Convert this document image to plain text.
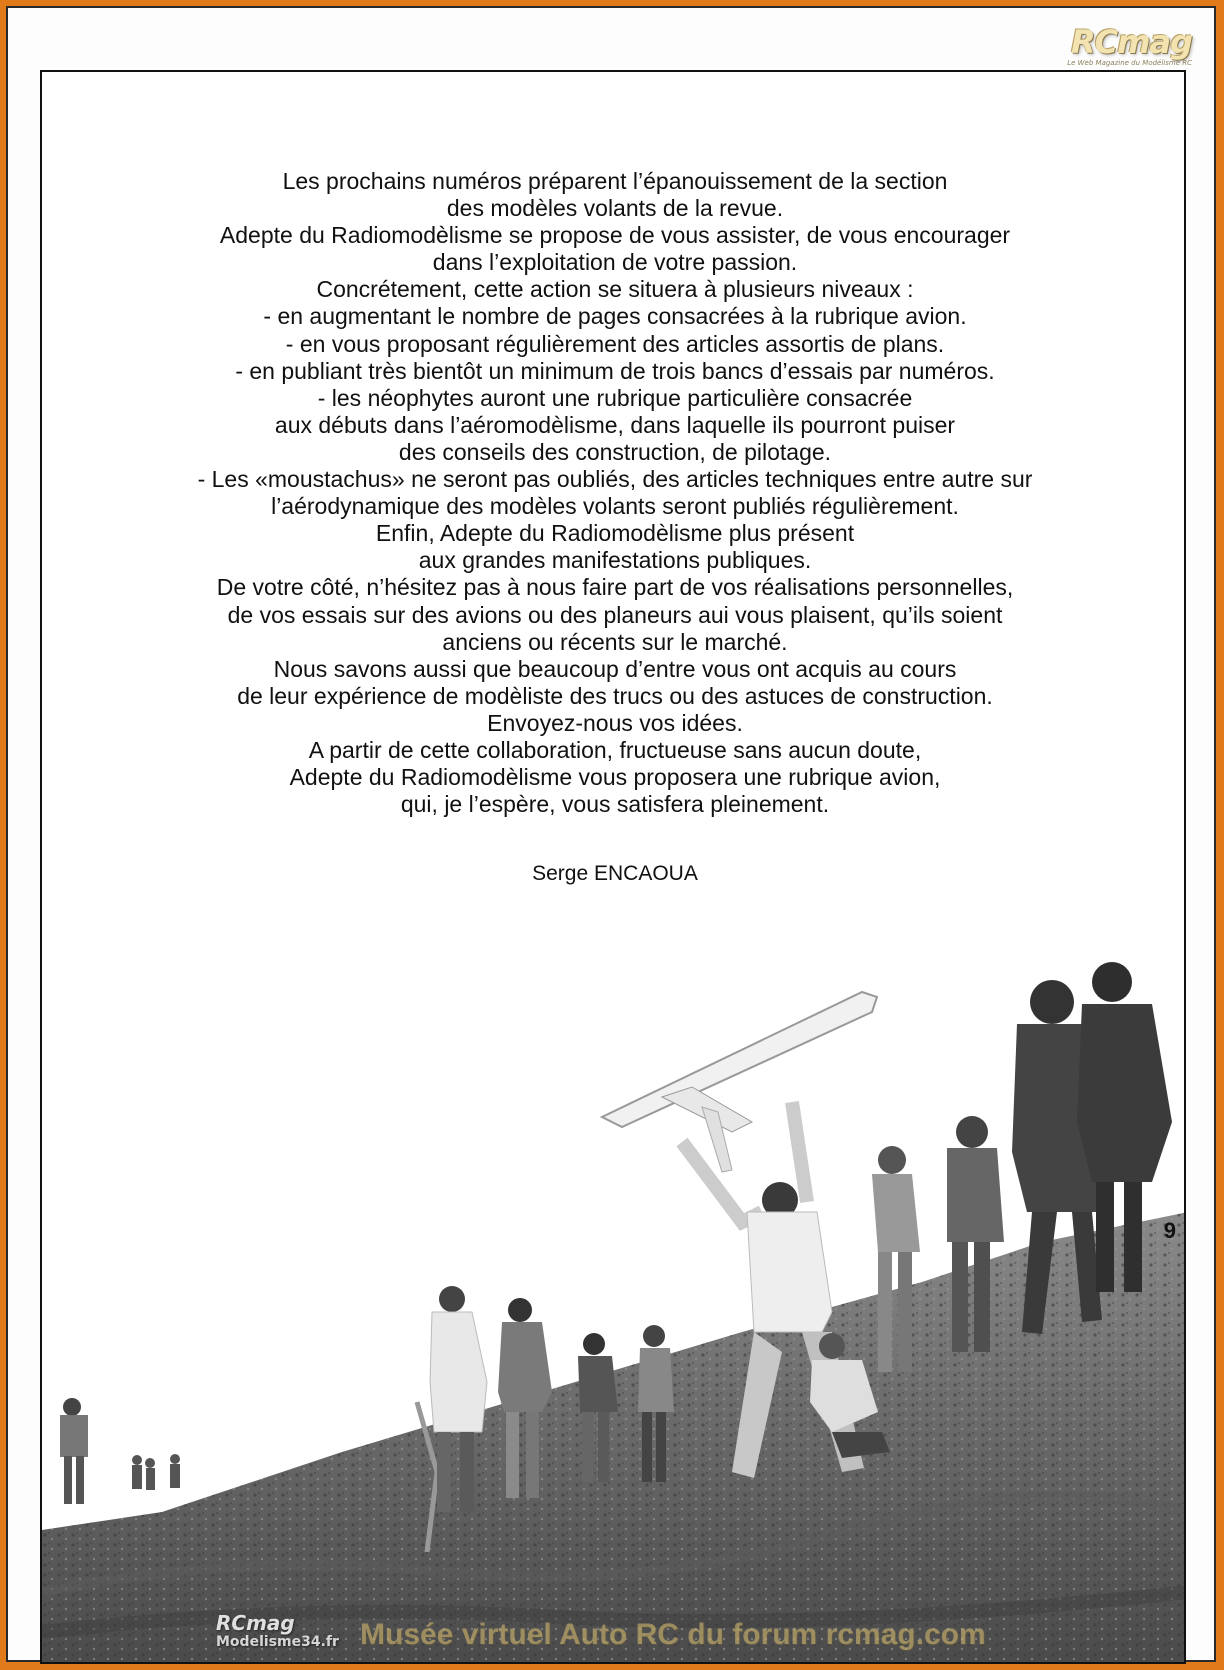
RCmag
Le Web Magazine du Modélisme RC
Les prochains numéros préparent l’épanouissement de la section
des modèles volants de la revue.
Adepte du Radiomodèlisme se propose de vous assister, de vous encourager
dans l’exploitation de votre passion.
Concrétement, cette action se situera à plusieurs niveaux :
- en augmentant le nombre de pages consacrées à la rubrique avion.
- en vous proposant régulièrement des articles assortis de plans.
- en publiant très bientôt un minimum de trois bancs d’essais par numéros.
- les néophytes auront une rubrique particulière consacrée
aux débuts dans l’aéromodèlisme, dans laquelle ils pourront puiser
des conseils des construction, de pilotage.
- Les «moustachus» ne seront pas oubliés, des articles techniques entre autre sur
l’aérodynamique des modèles volants seront publiés régulièrement.
Enfin, Adepte du Radiomodèlisme plus présent
aux grandes manifestations publiques.
De votre côté, n’hésitez pas à nous faire part de vos réalisations personnelles,
de vos essais sur des avions ou des planeurs aui vous plaisent, qu’ils soient
anciens ou récents sur le marché.
Nous savons aussi que beaucoup d’entre vous ont acquis au cours
de leur expérience de modèliste des trucs ou des astuces de construction.
Envoyez-nous vos idées.
A partir de cette collaboration, fructueuse sans aucun doute,
Adepte du Radiomodèlisme vous proposera une rubrique avion,
qui, je l’espère, vous satisfera pleinement.
Serge ENCAOUA
9
RCmag
Modelisme34.fr Musée virtuel Auto RC du forum rcmag.com
